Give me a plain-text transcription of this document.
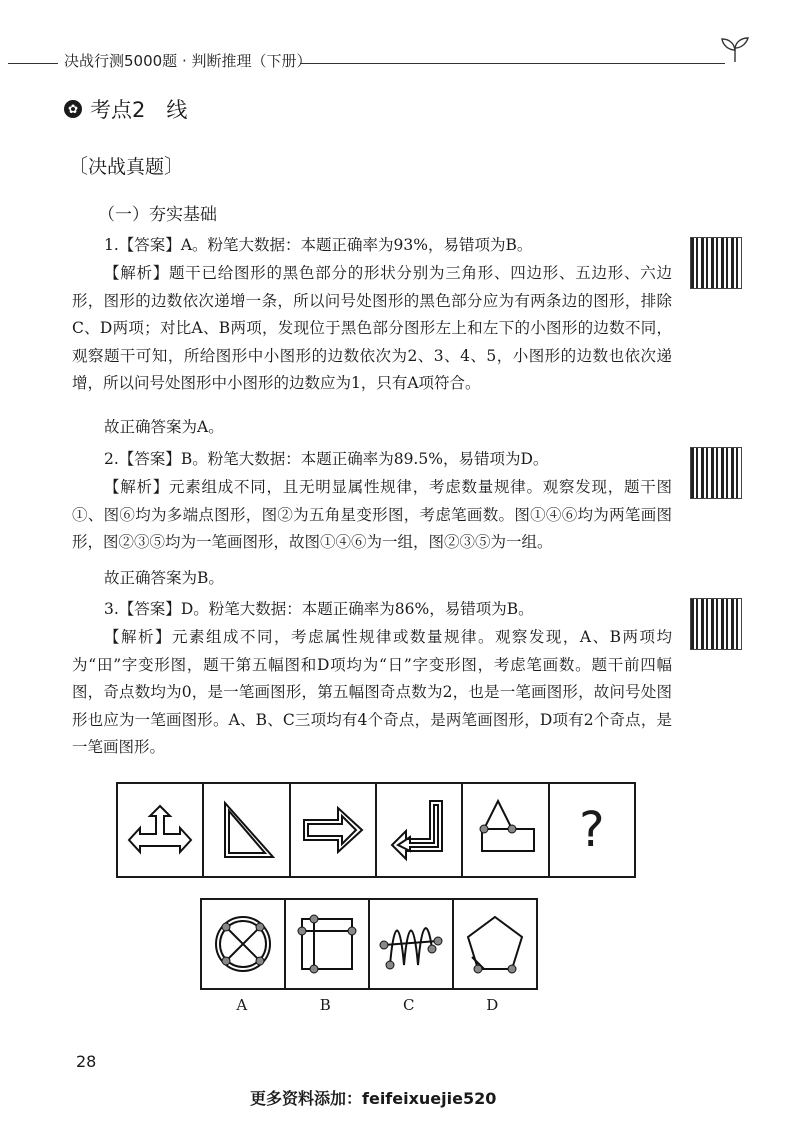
决战行测5000题 · 判断推理（下册）
✿ 考点2　线
〔决战真题〕
（一）夯实基础

1.【答案】A。粉笔大数据：本题正确率为93%，易错项为B。

【解析】题干已给图形的黑色部分的形状分别为三角形、四边形、五边形、六边形，图形的边数依次递增一条，所以问号处图形的黑色部分应为有两条边的图形，排除C、D两项；对比A、B两项，发现位于黑色部分图形左上和左下的小图形的边数不同，观察题干可知，所给图形中小图形的边数依次为2、3、4、5，小图形的边数也依次递增，所以问号处图形中小图形的边数应为1，只有A项符合。

故正确答案为A。

2.【答案】B。粉笔大数据：本题正确率为89.5%，易错项为D。

【解析】元素组成不同，且无明显属性规律，考虑数量规律。观察发现，题干图①、图⑥均为多端点图形，图②为五角星变形图，考虑笔画数。图①④⑥均为两笔画图形，图②③⑤均为一笔画图形，故图①④⑥为一组，图②③⑤为一组。

故正确答案为B。

3.【答案】D。粉笔大数据：本题正确率为86%，易错项为B。

【解析】元素组成不同，考虑属性规律或数量规律。观察发现，A、B两项均为“田”字变形图，题干第五幅图和D项均为“日”字变形图，考虑笔画数。题干前四幅图，奇点数均为0，是一笔画图形，第五幅图奇点数为2，也是一笔画图形，故问号处图形也应为一笔画图形。A、B、C三项均有4个奇点，是两笔画图形，D项有2个奇点，是一笔画图形。

?
A	B	C	D
28
更多资料添加：feifeixuejie520
